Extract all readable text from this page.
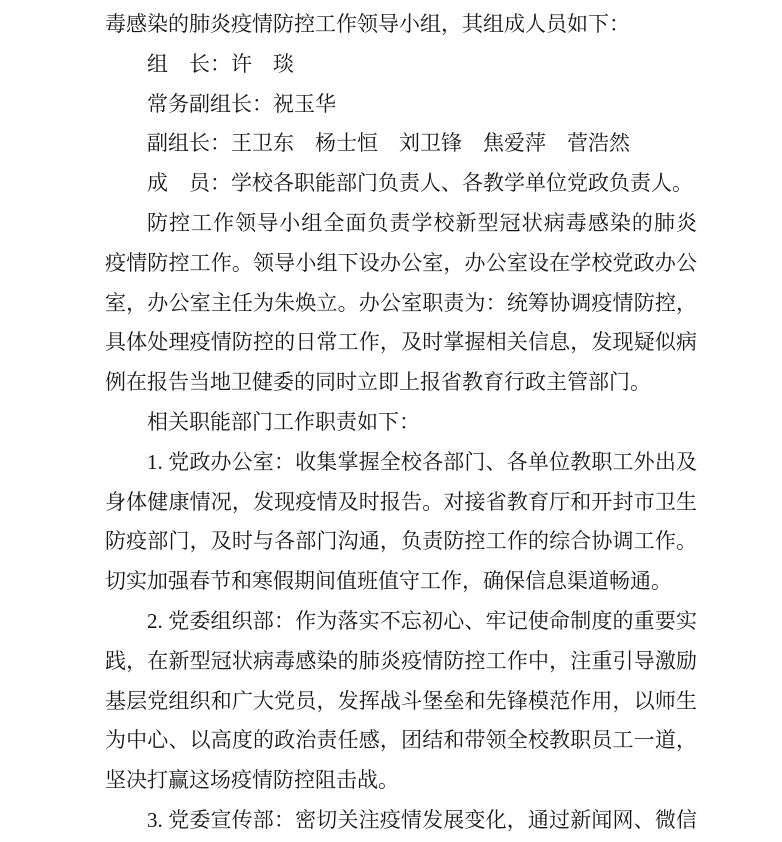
毒感染的肺炎疫情防控工作领导小组，其组成人员如下：
组　长：许　琰
常务副组长：祝玉华
副组长：王卫东　杨士恒　刘卫锋　焦爱萍　菅浩然
成　员：学校各职能部门负责人、各教学单位党政负责人。
防控工作领导小组全面负责学校新型冠状病毒感染的肺炎
疫情防控工作。领导小组下设办公室，办公室设在学校党政办公
室，办公室主任为朱焕立。办公室职责为：统筹协调疫情防控，
具体处理疫情防控的日常工作，及时掌握相关信息，发现疑似病
例在报告当地卫健委的同时立即上报省教育行政主管部门。
相关职能部门工作职责如下：
1. 党政办公室：收集掌握全校各部门、各单位教职工外出及
身体健康情况，发现疫情及时报告。对接省教育厅和开封市卫生
防疫部门，及时与各部门沟通，负责防控工作的综合协调工作。
切实加强春节和寒假期间值班值守工作，确保信息渠道畅通。
2. 党委组织部：作为落实不忘初心、牢记使命制度的重要实
践，在新型冠状病毒感染的肺炎疫情防控工作中，注重引导激励
基层党组织和广大党员，发挥战斗堡垒和先锋模范作用，以师生
为中心、以高度的政治责任感，团结和带领全校教职员工一道，
坚决打赢这场疫情防控阻击战。
3. 党委宣传部：密切关注疫情发展变化，通过新闻网、微信
